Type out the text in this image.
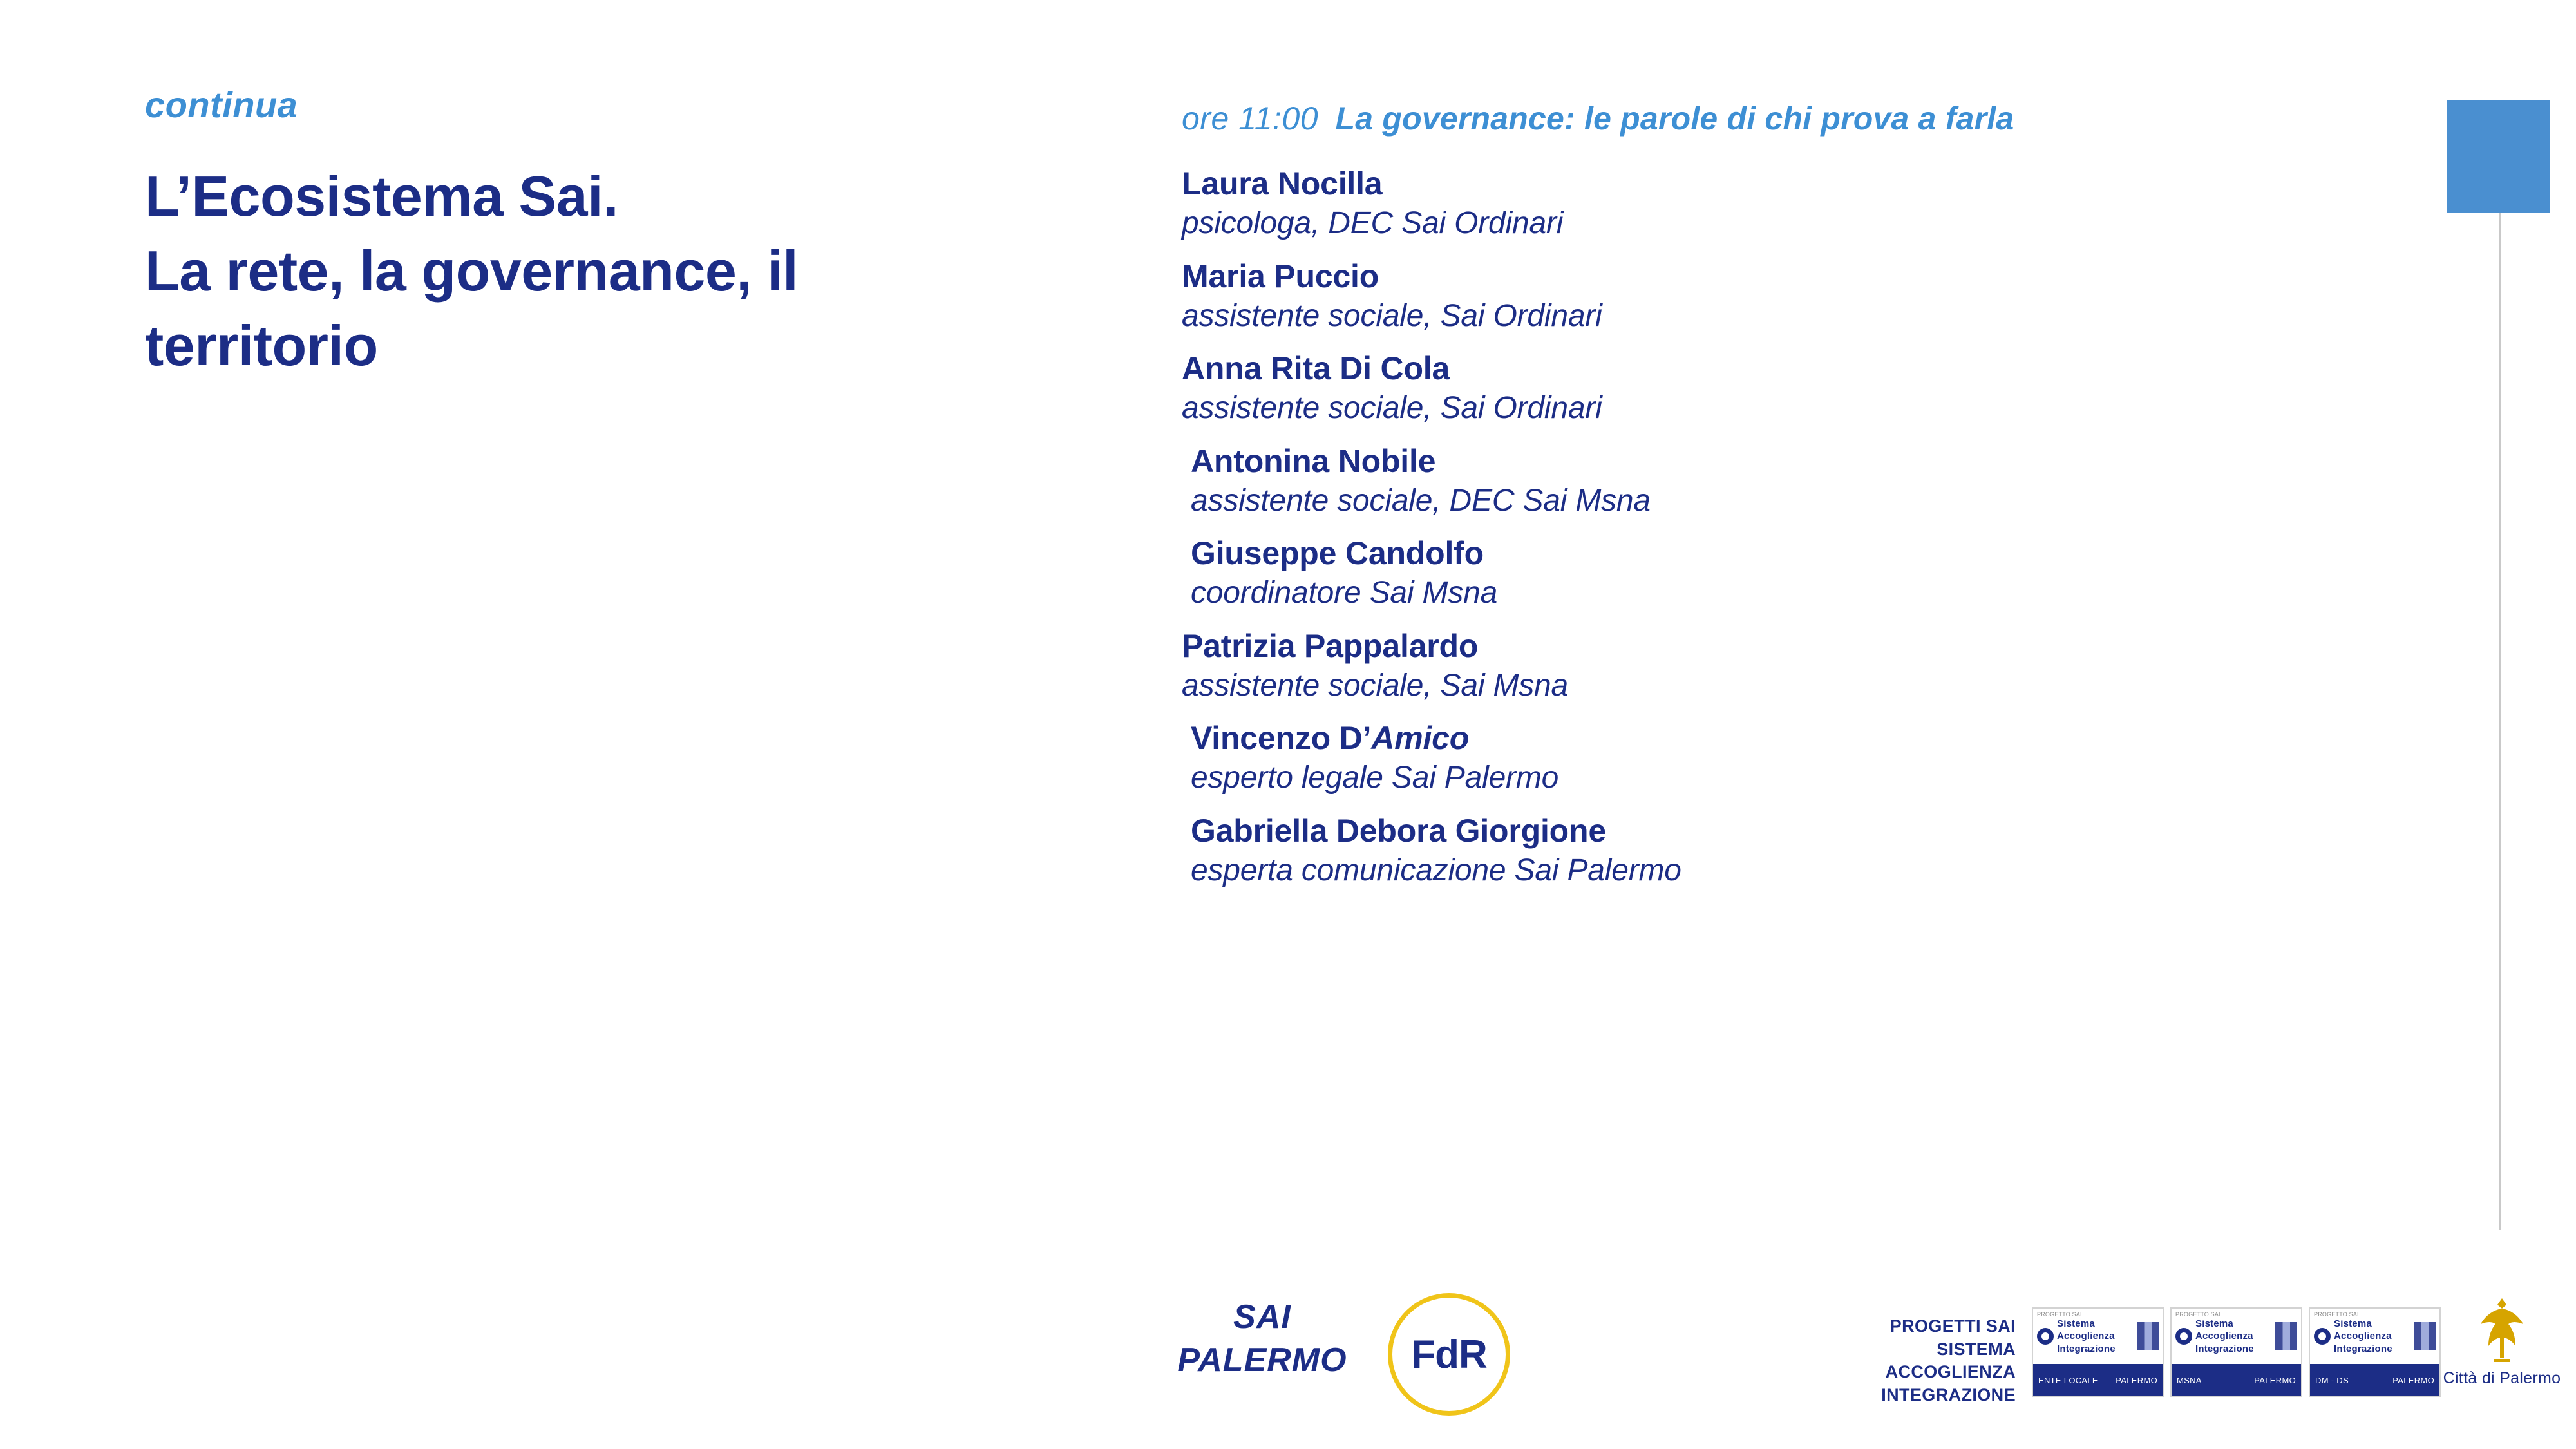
continua
L’Ecosistema Sai.
La rete, la governance, il
territorio
ore 11:00 La governance: le parole di chi prova a farla

Laura Nocilla

psicologa, DEC Sai Ordinari

Maria Puccio

assistente sociale, Sai Ordinari

Anna Rita Di Cola

assistente sociale, Sai Ordinari

Antonina Nobile

assistente sociale, DEC Sai Msna

Giuseppe Candolfo

coordinatore Sai Msna

Patrizia Pappalardo

assistente sociale, Sai Msna

Vincenzo D’Amico

esperto legale Sai Palermo

Gabriella Debora Giorgione

esperta comunicazione Sai Palermo

SAI
PALERMO	FdR
PROGETTI SAI SISTEMA ACCOGLIENZA INTEGRAZIONE
PROGETTO SAI
Sistema Accoglienza Integrazione
ENTE LOCALE PALERMO
PROGETTO SAI
Sistema Accoglienza Integrazione
MSNA	PALERMO
PROGETTO SAI
Sistema Accoglienza Integrazione
DM - DS	PALERMO Città di Palermo
